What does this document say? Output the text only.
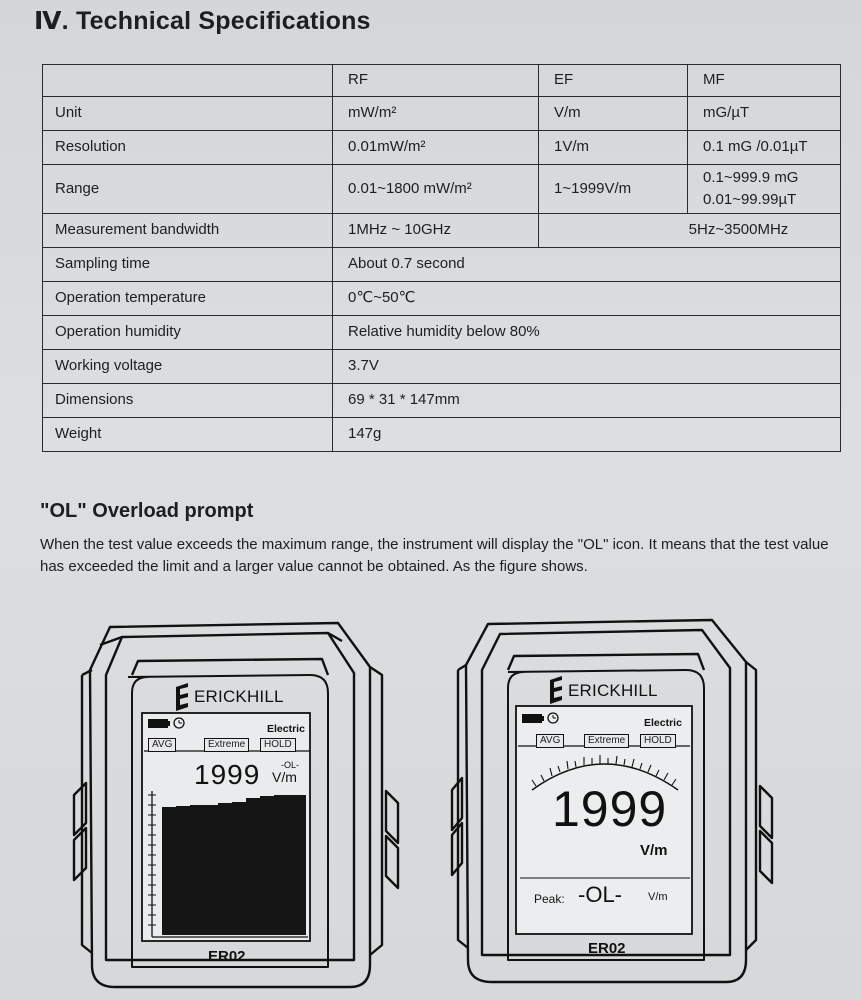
Ⅳ. Technical Specifications
	RF	EF	MF
Unit	mW/m²	V/m	mG/µT
Resolution	0.01mW/m²	1V/m	0.1 mG /0.01µT
Range	0.01~1800 mW/m²	1~1999V/m	0.1~999.9 mG
0.01~99.99µT

Measurement bandwidth	1MHz ~ 10GHz	5Hz~3500MHz	
Sampling time	About 0.7 second		
Operation temperature	0℃~50℃		
Operation humidity	Relative humidity below 80%		
Working voltage	3.7V		
Dimensions	69 * 31 * 147mm		
Weight	147g		
"OL" Overload prompt
When the test value exceeds the maximum range, the instrument will display the "OL" icon. It means that the test value has exceeded the limit and a larger value cannot be obtained. As the figure shows.
ERICKHILL
Electric
AVG	Extreme	HOLD
1999 -OL-
V/m
ER02
ERICKHILL
Electric
AVG	Extreme	HOLD
1999
V/m
Peak: -OL- V/m
ER02
